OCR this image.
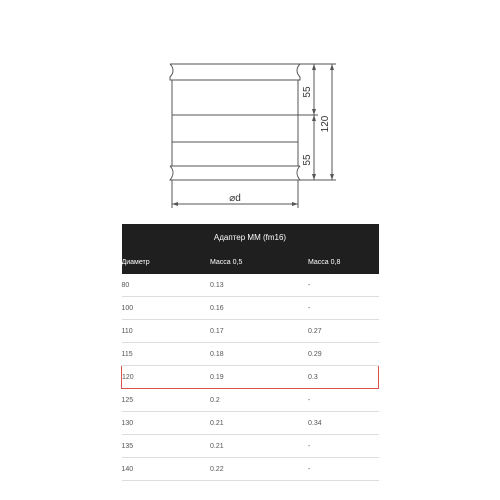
55
55
120
⌀d
Адаптер ММ (fm16)		
Диаметр	Масса 0,5	Масса 0,8
80	0.13	-
100	0.16	-
110	0.17	0.27
115	0.18	0.29
120	0.19	0.3
125	0.2	-
130	0.21	0.34
135	0.21	-
140	0.22	-
